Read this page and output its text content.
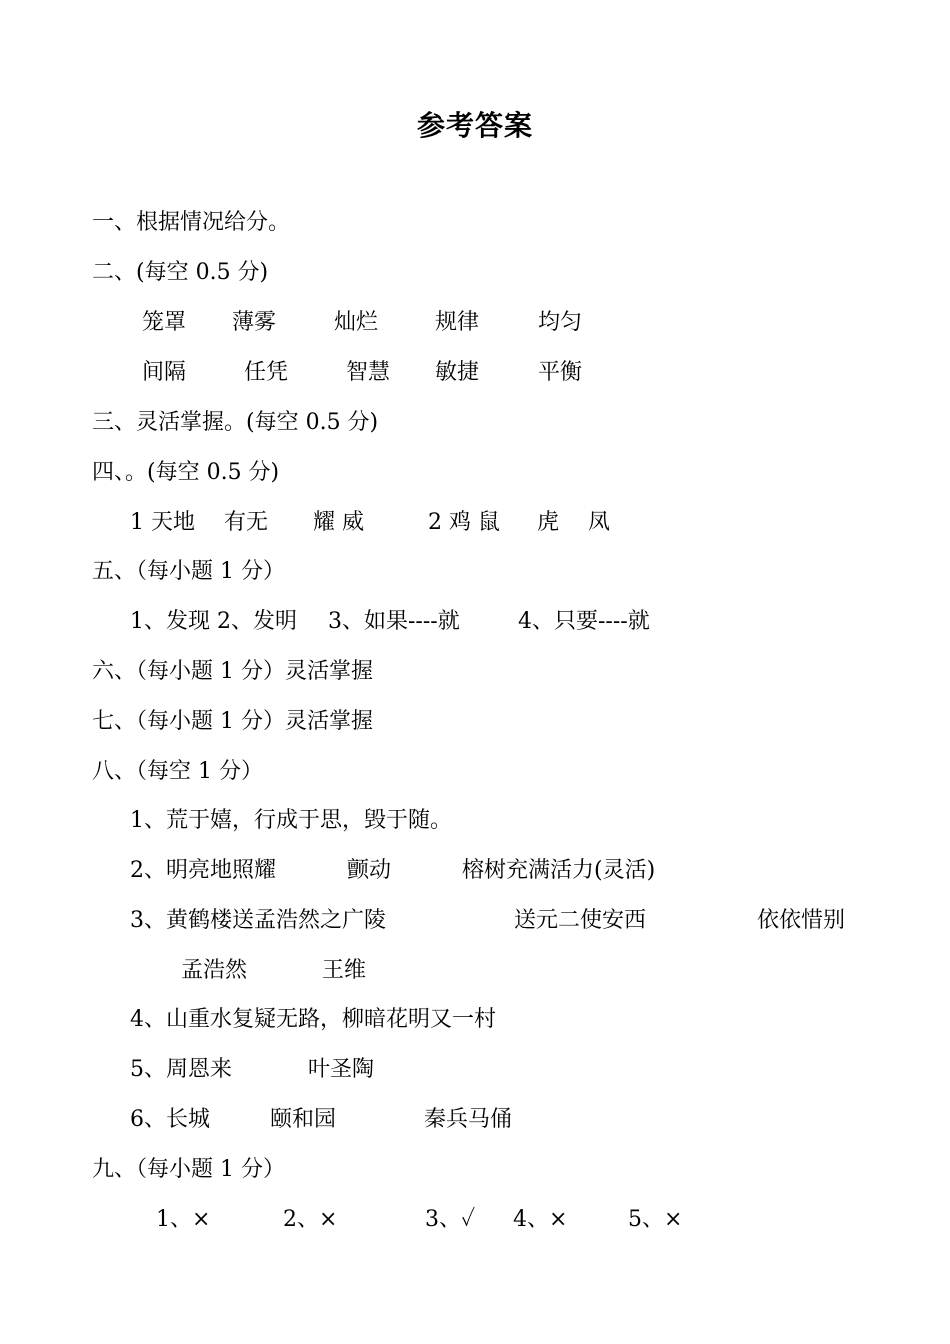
参考答案
一、根据情况给分。
二、(每空 0.5 分)
笼罩 薄雾	灿烂	规律	均匀
间隔	任凭	智慧 敏捷	平衡
三、灵活掌握。(每空 0.5 分)
四、。(每空 0.5 分)
1 天地 有无 耀 威	2 鸡 鼠 虎 凤
五、（每小题 1 分）
1、发现 2、发明 3、如果----就	4、只要----就
六、（每小题 1 分）灵活掌握
七、（每小题 1 分）灵活掌握
八、（每空 1 分）
1、荒于嬉，行成于思，毁于随。
2、明亮地照耀	颤动	榕树充满活力(灵活)
3、黄鹤楼送孟浩然之广陵	送元二使安西	依依惜别
孟浩然	王维
4、山重水复疑无路，柳暗花明又一村
5、周恩来	叶圣陶
6、长城	颐和园	秦兵马俑
九、（每小题 1 分）
1、×	2、×	3、✓ 4、×	5、×
